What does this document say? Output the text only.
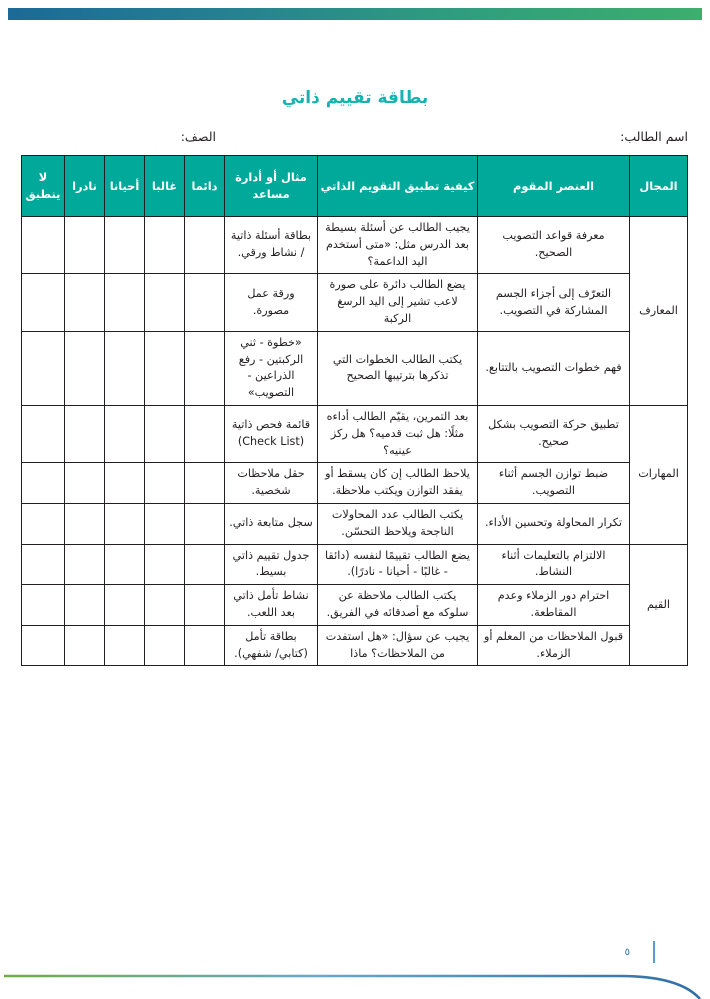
بطاقة تقييم ذاتي
اسم الطالب:
الصف:
المجال	العنصر المقوم	كيفية تطبيق التقويم الذاتي	مثال أو أدارة مساعد	دائما	غالبا	أحيانا	نادرا	لا ينطبق
المعارف	معرفة قواعد التصويب الصحيح.	يجيب الطالب عن أسئلة بسيطة بعد الدرس مثل: «متى أستخدم اليد الداعمة؟	بطاقة أسئلة ذاتية / نشاط ورقي.					
	التعرّف إلى أجزاء الجسم المشاركة في التصويب.	يضع الطالب دائرة على صورة لاعب تشير إلى اليد الرسغ الركبة	ورقة عمل مصورة.					
	فهم خطوات التصويب بالتتابع.	يكتب الطالب الخطوات التي تذكرها بترتيبها الصحيح	«خطوة - ثني الركبتين - رفع الذراعين - التصويب»					
المهارات	تطبيق حركة التصويب بشكل صحيح.	بعد التمرين، يقيّم الطالب أداءه مثلًا: هل ثبت قدميه؟ هل ركز عينيه؟	قائمة فحص ذاتية (Check List)					
	ضبط توازن الجسم أثناء التصويب.	يلاحظ الطالب إن كان يسقط أو يفقد التوازن ويكتب ملاحظة.	حقل ملاحظات شخصية.					
	تكرار المحاولة وتحسين الأداء.	يكتب الطالب عدد المحاولات الناجحة ويلاحظ التحسّن.	سجل متابعة ذاتي.					
القيم	الالتزام بالتعليمات أثناء النشاط.	يضع الطالب تقييمًا لنفسه (دائقا - غالبًا - أحيانا - نادرًا).	جدول تقييم ذاتي بسيط.					
	احترام دور الزملاء وعدم المقاطعة.	يكتب الطالب ملاحظة عن سلوكه مع أصدقائه في الفريق.	نشاط تأمل ذاتي بعد اللعب.					
	قبول الملاحظات من المعلم أو الزملاء.	يجيب عن سؤال: «هل استفدت من الملاحظات؟ ماذا	بطاقة تأمل (كتابي/ شفهي).					
٥
